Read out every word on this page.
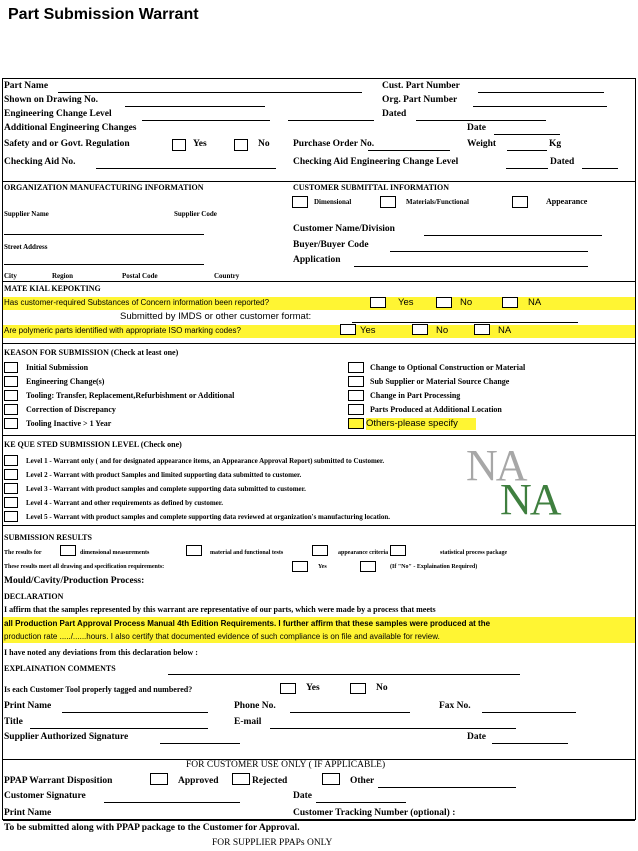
Part Submission Warrant
Part Name	Cust. Part Number
Shown on Drawing No.	Org. Part Number
Engineering Change Level	Dated
Additional Engineering Changes	Date
Safety and or Govt. Regulation	Yes	No Purchase Order No.	Weight	Kg
Checking Aid No.	Checking Aid Engineering Change Level	Dated
ORGANIZATION MANUFACTURING INFORMATION	CUSTOMER SUBMITTAL INFORMATION
Dimensional	Materials/Functional	Appearance
Supplier Name	Supplier Code
Customer Name/Division
Street Address	Buyer/Buyer Code
Application
City	Region	Postal Code	Country
MATE KIAL KEPOKTING
Has customer-required Substances of Concern information been reported?	Yes	No	NA
Submitted by IMDS or other customer format:
Are polymeric parts identified with appropriate ISO marking codes?	Yes	No	NA
KEASON FOR SUBMISSION (Check at least one)
Initial Submission
Engineering Change(s)
Tooling: Transfer, Replacement,Refurbishment or Additional
Correction of Discrepancy
Tooling Inactive > 1 Year
Change to Optional Construction or Material
Sub Supplier or Material Source Change
Change in Part Processing
Parts Produced at Additional Location
Others-please specify
KE QUE STED SUBMISSION LEVEL (Check one)
Level 1 - Warrant only ( and for designated appearance items, an Appearance Approval Report) submitted to Customer.
Level 2 - Warrant with product Samples and limited supporting data submitted to customer.
Level 3 - Warrant with product samples and complete supporting data submitted to customer.
Level 4 - Warrant and other requirements as defined by customer.
Level 5 - Warrant with product samples and complete supporting data reviewed at organization's manufacturing location.
NA
NA
SUBMISSION RESULTS
The results for	dimensional measurements	material and functional tests	appearance criteria	statistical process package
These results meet all drawing and specification requirements:	Yes	(If "No" - Explaination Required)
Mould/Cavity/Production Process:
DECLARATION
I affirm that the samples represented by this warrant are representative of our parts, which were made by a process that meets
all Production Part Approval Process Manual 4th Edition Requirements. I further affirm that these samples were produced at the
production rate ...../......hours. I also certify that documented evidence of such compliance is on file and available for review.
I have noted any deviations from this declaration below :
EXPLAINATION COMMENTS
Is each Customer Tool properly tagged and numbered?	Yes	No
Print Name	Phone No.	Fax No.
Title	E-mail
Supplier Authorized Signature	Date
FOR CUSTOMER USE ONLY ( IF APPLICABLE)
PPAP Warrant Disposition	Approved	Rejected	Other
Customer Signature	Date
Print Name	Customer Tracking Number (optional) :
To be submitted along with PPAP package to the Customer for Approval.
FOR SUPPLIER PPAPs ONLY
